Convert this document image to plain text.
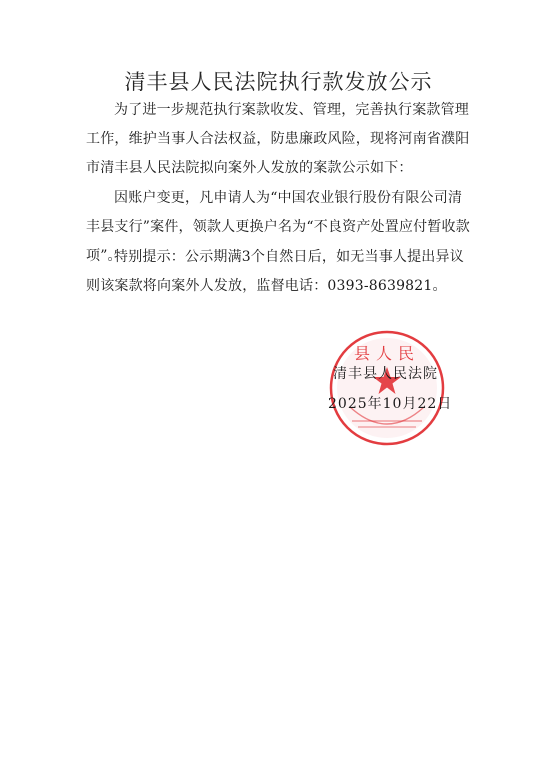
清丰县人民法院执行款发放公示

为了进一步规范执行案款收发、管理，完善执行案款管理工作，维护当事人合法权益，防患廉政风险，现将河南省濮阳市清丰县人民法院拟向案外人发放的案款公示如下：

因账户变更，凡申请人为“中国农业银行股份有限公司清丰县支行”案件，领款人更换户名为“不良资产处置应付暂收款项”。

特别提示：公示期满3个自然日后，如无当事人提出异议则该案款将向案外人发放，监督电话：0393-8639821。

县人民
清丰县人民法院
2025年10月22日
